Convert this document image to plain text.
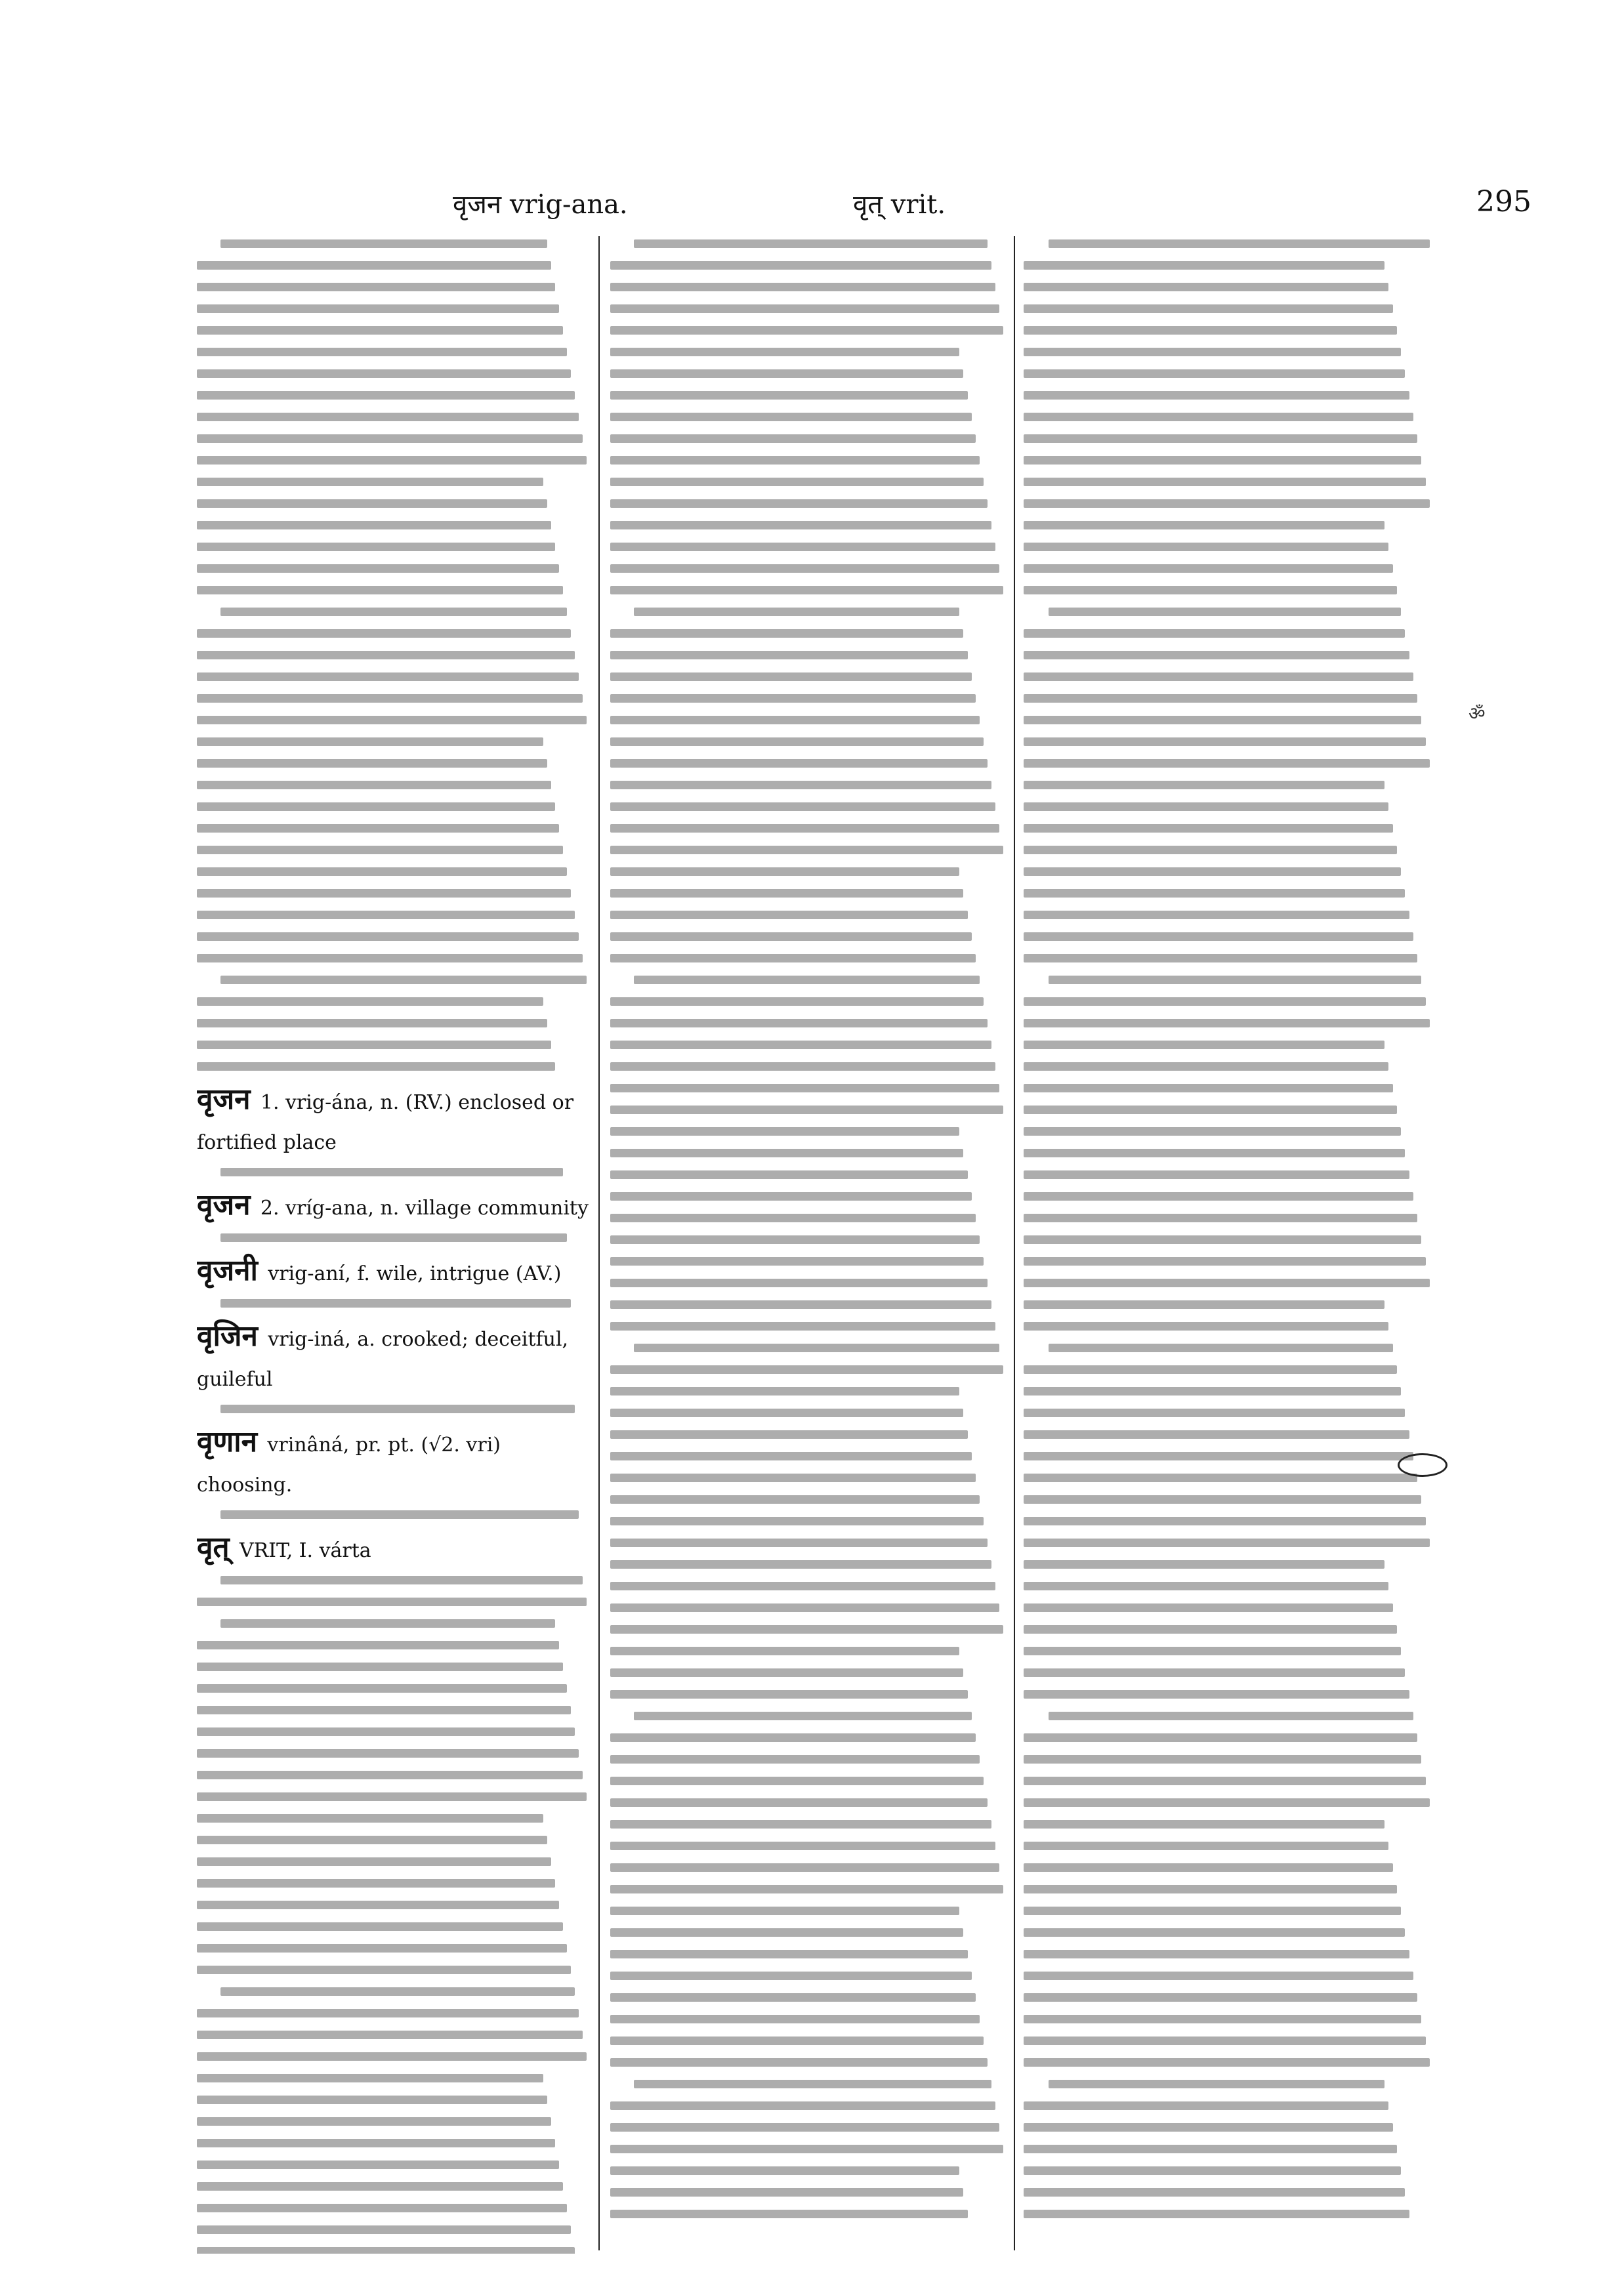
वृजन vrig-ana.	वृत् vrit.	295
वृजन 1. vrig-ána, n. (RV.) enclosed or fortified place
वृजन 2. vríg-ana, n. village community
वृजनी vrig-aní, f. wile, intrigue (AV.)
वृजिन vrig-iná, a. crooked; deceitful, guileful
वृणान vrinâná, pr. pt. (√2. vri) choosing.
वृत् VRIT, I. várta
ॐ
